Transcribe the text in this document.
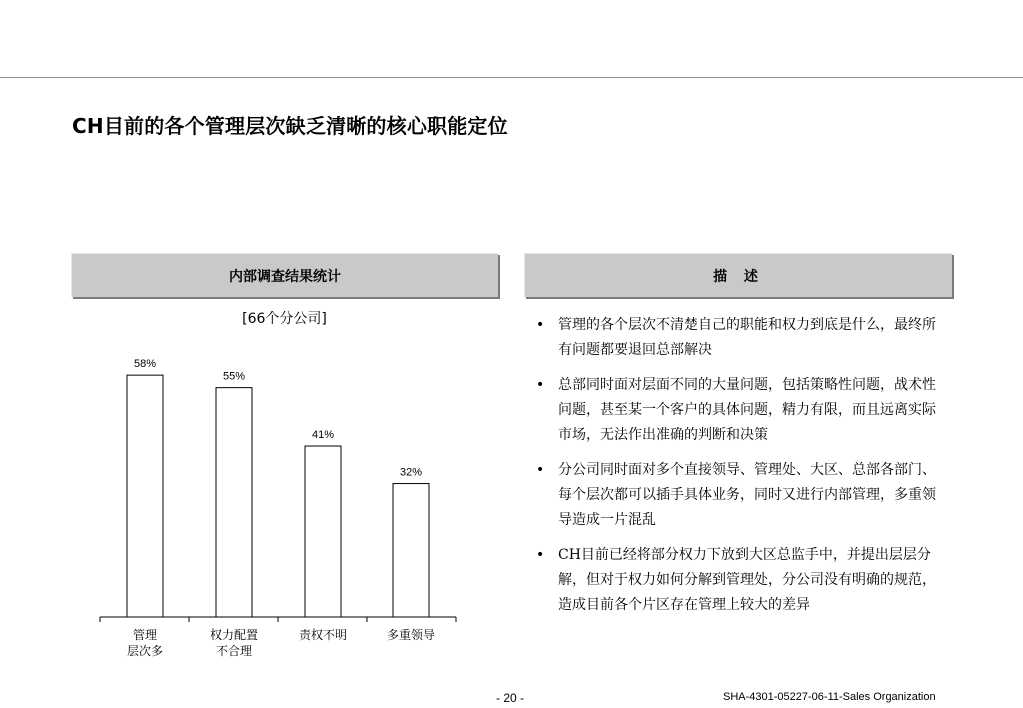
CH目前的各个管理层次缺乏清晰的核心职能定位
内部调查结果统计	描 述
[66个分公司]
58%
管理
层次多
55%
权力配置
不合理
41%
责权不明
32%
多重领导
• 管理的各个层次不清楚自己的职能和权力到底是什么，最终所有问题都要退回总部解决
• 总部同时面对层面不同的大量问题，包括策略性问题，战术性问题，甚至某一个客户的具体问题，精力有限，而且远离实际市场，无法作出准确的判断和决策
• 分公司同时面对多个直接领导、管理处、大区、总部各部门、每个层次都可以插手具体业务，同时又进行内部管理，多重领导造成一片混乱
• CH目前已经将部分权力下放到大区总监手中，并提出层层分解，但对于权力如何分解到管理处，分公司没有明确的规范，造成目前各个片区存在管理上较大的差异
- 20 -	SHA-4301-05227-06-11-Sales Organization
